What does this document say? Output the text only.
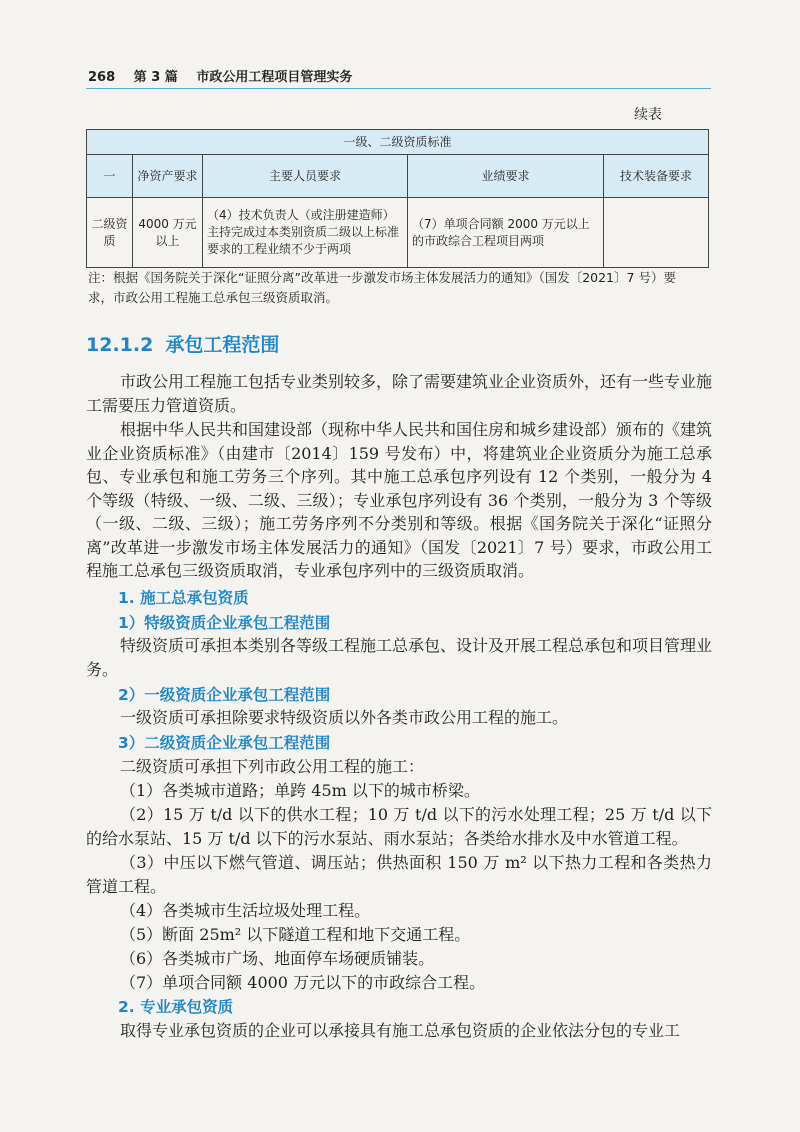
268 第 3 篇 市政公用工程项目管理实务
续表
一级、二级资质标准				
一	净资产要求	主要人员要求	业绩要求	技术装备要求
二级资质	4000 万元以上	（4）技术负责人（或注册建造师）主持完成过本类别资质二级以上标准要求的工程业绩不少于两项	（7）单项合同额 2000 万元以上的市政综合工程项目两项	
注：根据《国务院关于深化“证照分离”改革进一步激发市场主体发展活力的通知》（国发〔2021〕7 号）要
求，市政公用工程施工总承包三级资质取消。
12.1.2 承包工程范围
市政公用工程施工包括专业类别较多，除了需要建筑业企业资质外，还有一些专业施工需要压力管道资质。
根据中华人民共和国建设部（现称中华人民共和国住房和城乡建设部）颁布的《建筑业企业资质标准》（由建市〔2014〕159 号发布）中，将建筑业企业资质分为施工总承包、专业承包和施工劳务三个序列。其中施工总承包序列设有 12 个类别，一般分为 4 个等级（特级、一级、二级、三级）；专业承包序列设有 36 个类别，一般分为 3 个等级（一级、二级、三级）；施工劳务序列不分类别和等级。根据《国务院关于深化“证照分离”改革进一步激发市场主体发展活力的通知》（国发〔2021〕7 号）要求，市政公用工程施工总承包三级资质取消，专业承包序列中的三级资质取消。
1. 施工总承包资质
1）特级资质企业承包工程范围
特级资质可承担本类别各等级工程施工总承包、设计及开展工程总承包和项目管理业务。
2）一级资质企业承包工程范围
一级资质可承担除要求特级资质以外各类市政公用工程的施工。
3）二级资质企业承包工程范围
二级资质可承担下列市政公用工程的施工：
（1）各类城市道路；单跨 45m 以下的城市桥梁。
（2）15 万 t/d 以下的供水工程；10 万 t/d 以下的污水处理工程；25 万 t/d 以下的给水泵站、15 万 t/d 以下的污水泵站、雨水泵站；各类给水排水及中水管道工程。
（3）中压以下燃气管道、调压站；供热面积 150 万 m² 以下热力工程和各类热力管道工程。
（4）各类城市生活垃圾处理工程。
（5）断面 25m² 以下隧道工程和地下交通工程。
（6）各类城市广场、地面停车场硬质铺装。
（7）单项合同额 4000 万元以下的市政综合工程。
2. 专业承包资质
取得专业承包资质的企业可以承接具有施工总承包资质的企业依法分包的专业工
